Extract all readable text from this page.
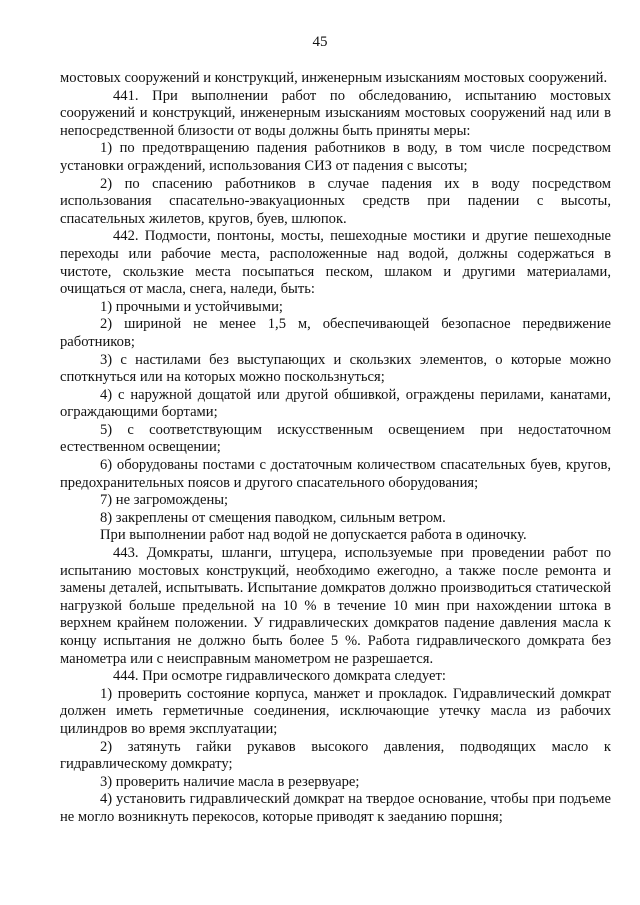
45

мостовых сооружений и конструкций, инженерным изысканиям мостовых сооружений.

441. При выполнении работ по обследованию, испытанию мостовых сооружений и конструкций, инженерным изысканиям мостовых сооружений над или в непосредственной близости от воды должны быть приняты меры:

1) по предотвращению падения работников в воду, в том числе посредством установки ограждений, использования СИЗ от падения с высоты;

2) по спасению работников в случае падения их в воду посредством использования спасательно-эвакуационных средств при падении с высоты, спасательных жилетов, кругов, буев, шлюпок.

442. Подмости, понтоны, мосты, пешеходные мостики и другие пешеходные переходы или рабочие места, расположенные над водой, должны содержаться в чистоте, скользкие места посыпаться песком, шлаком и другими материалами, очищаться от масла, снега, наледи, быть:

1) прочными и устойчивыми;

2) шириной не менее 1,5 м, обеспечивающей безопасное передвижение работников;

3) с настилами без выступающих и скользких элементов, о которые можно споткнуться или на которых можно поскользнуться;

4) с наружной дощатой или другой обшивкой, ограждены перилами, канатами, ограждающими бортами;

5) с соответствующим искусственным освещением при недостаточном естественном освещении;

6) оборудованы постами с достаточным количеством спасательных буев, кругов, предохранительных поясов и другого спасательного оборудования;

7) не загромождены;

8) закреплены от смещения паводком, сильным ветром.

При выполнении работ над водой не допускается работа в одиночку.

443. Домкраты, шланги, штуцера, используемые при проведении работ по испытанию мостовых конструкций, необходимо ежегодно, а также после ремонта и замены деталей, испытывать. Испытание домкратов должно производиться статической нагрузкой больше предельной на 10 % в течение 10 мин при нахождении штока в верхнем крайнем положении. У гидравлических домкратов падение давления масла к концу испытания не должно быть более 5 %. Работа гидравлического домкрата без манометра или с неисправным манометром не разрешается.

444. При осмотре гидравлического домкрата следует:

1) проверить состояние корпуса, манжет и прокладок. Гидравлический домкрат должен иметь герметичные соединения, исключающие утечку масла из рабочих цилиндров во время эксплуатации;

2) затянуть гайки рукавов высокого давления, подводящих масло к гидравлическому домкрату;

3) проверить наличие масла в резервуаре;

4) установить гидравлический домкрат на твердое основание, чтобы при подъеме не могло возникнуть перекосов, которые приводят к заеданию поршня;
